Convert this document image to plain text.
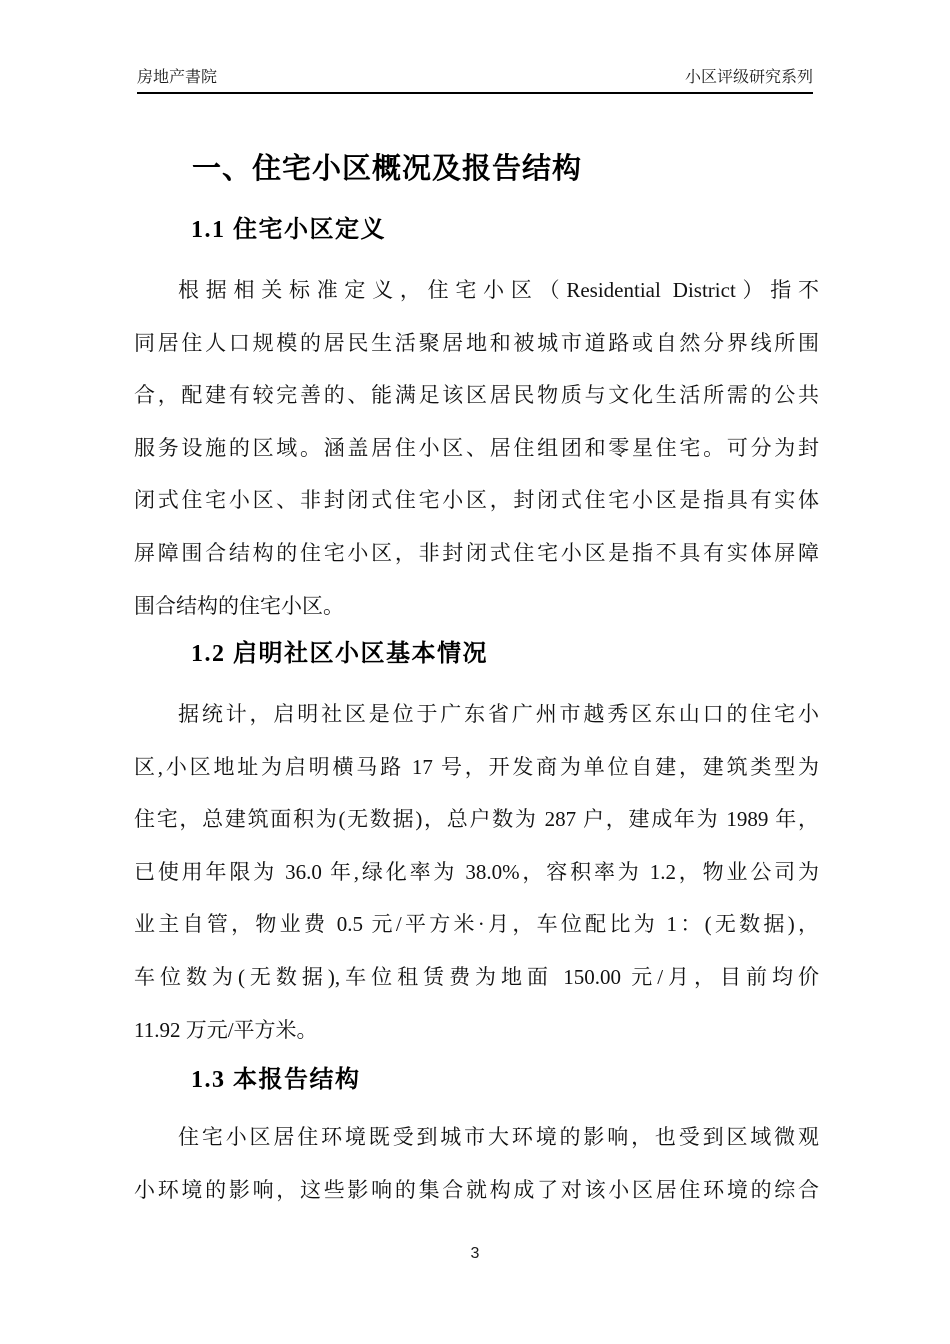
房地产書院	小区评级研究系列
一、住宅小区概况及报告结构
1.1 住宅小区定义
根据相关标准定义，住宅小区（Residential District）指不
同居住人口规模的居民生活聚居地和被城市道路或自然分界线所围
合，配建有较完善的、能满足该区居民物质与文化生活所需的公共
服务设施的区域。涵盖居住小区、居住组团和零星住宅。可分为封
闭式住宅小区、非封闭式住宅小区，封闭式住宅小区是指具有实体
屏障围合结构的住宅小区，非封闭式住宅小区是指不具有实体屏障
围合结构的住宅小区。
1.2 启明社区小区基本情况
据统计，启明社区是位于广东省广州市越秀区东山口的住宅小
区,小区地址为启明横马路 17 号，开发商为单位自建，建筑类型为
住宅，总建筑面积为(无数据)，总户数为 287 户，建成年为 1989 年，
已使用年限为 36.0 年,绿化率为 38.0%，容积率为 1.2，物业公司为
业主自管，物业费 0.5 元/平方米·月，车位配比为 1：(无数据)，
车位数为(无数据),车位租赁费为地面 150.00 元/月，目前均价
11.92 万元/平方米。
1.3 本报告结构
住宅小区居住环境既受到城市大环境的影响，也受到区域微观
小环境的影响，这些影响的集合就构成了对该小区居住环境的综合
3
